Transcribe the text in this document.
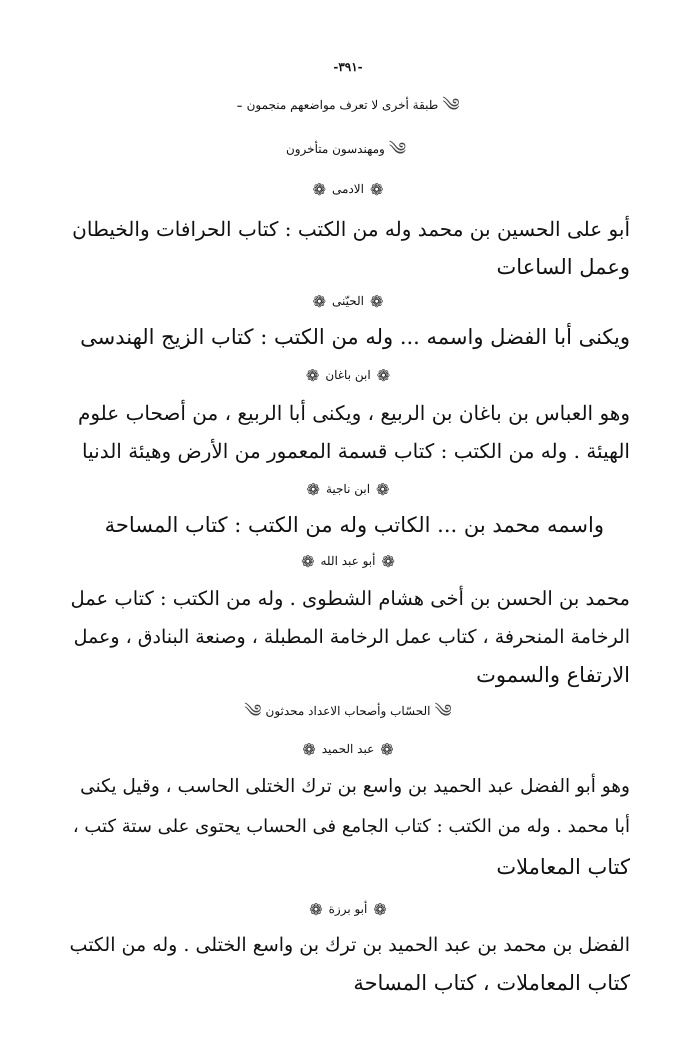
-٣٩١-
༄طبقة أخرى لا تعرف مواضعهم منجمون-
༄ومهندسون متأخرون
❁الادمى❁
أبو على الحسين بن محمد وله من الكتب : كتاب الحرافات والخيطان
وعمل الساعات
❁الحيّنى❁
ويكنى أبا الفضل واسمه ... وله من الكتب : كتاب الزيج الهندسى
❁ابن باغان❁
وهو العباس بن باغان بن الربيع ، ويكنى أبا الربيع ، من أصحاب علوم
الهيئة . وله من الكتب : كتاب قسمة المعمور من الأرض وهيئة الدنيا
❁ابن ناجية❁
واسمه محمد بن ... الكاتب وله من الكتب : كتاب المساحة
❁أبو عبد الله❁
محمد بن الحسن بن أخى هشام الشطوى . وله من الكتب : كتاب عمل
الرخامة المنحرفة ، كتاب عمل الرخامة المطبلة ، وصنعة البنادق ، وعمل
الارتفاع والسموت
༄الحسّاب وأصحاب الاعداد محدثون༄
❁عبد الحميد❁
وهو أبو الفضل عبد الحميد بن واسع بن ترك الختلى الحاسب ، وقيل يكنى
أبا محمد . وله من الكتب : كتاب الجامع فى الحساب يحتوى على ستة كتب ،
كتاب المعاملات
❁أبو برزة❁
الفضل بن محمد بن عبد الحميد بن ترك بن واسع الختلى . وله من الكتب
كتاب المعاملات ، كتاب المساحة
